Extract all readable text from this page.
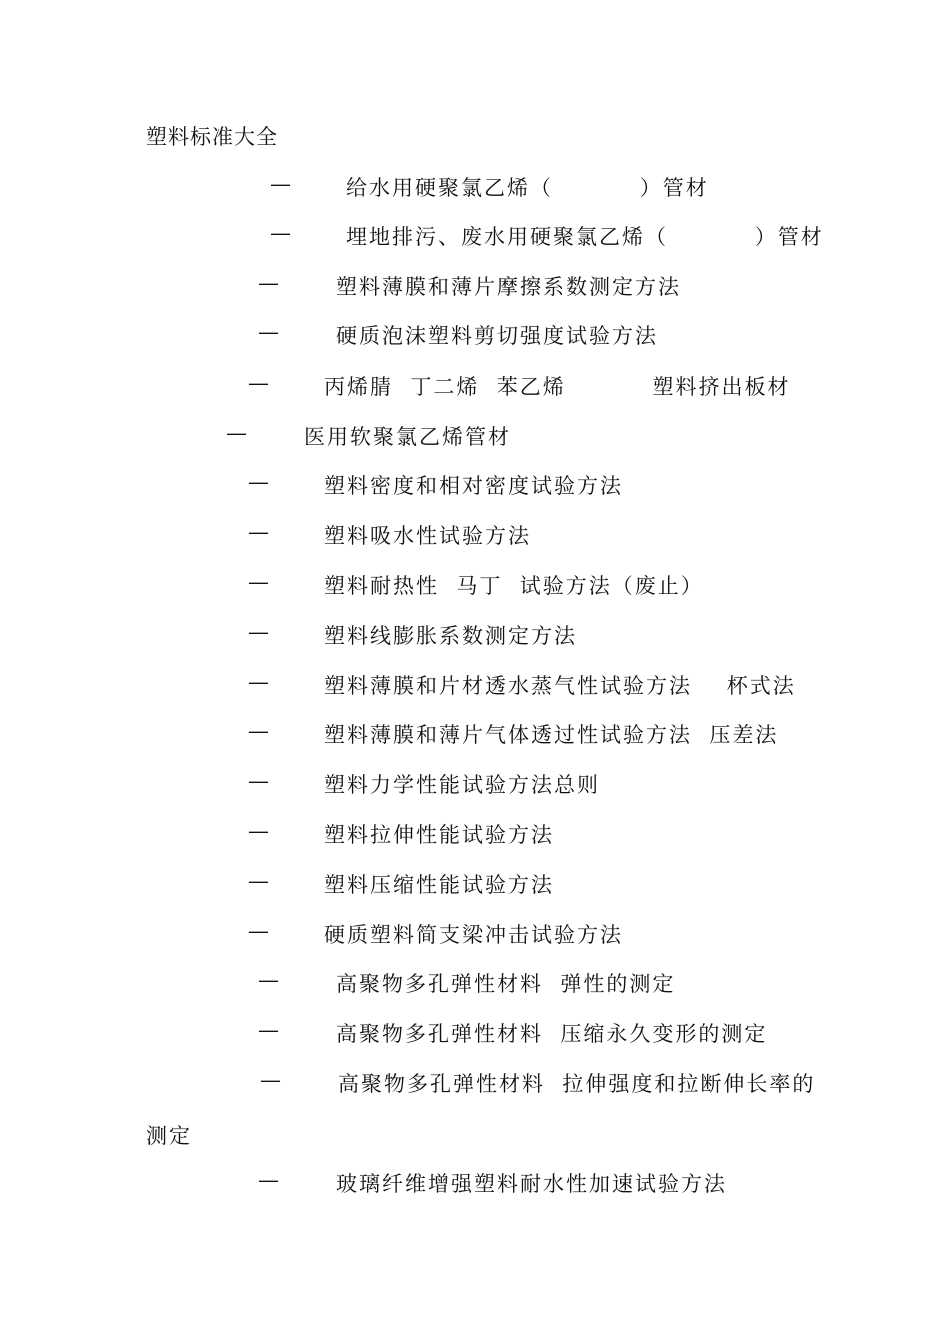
塑料标准大全
—	给水用硬聚氯乙烯（          ）管材
—	埋地排污、废水用硬聚氯乙烯（          ）管材
—	塑料薄膜和薄片摩擦系数测定方法
—	硬质泡沫塑料剪切强度试验方法
—	丙烯腈  丁二烯  苯乙烯          塑料挤出板材
—	医用软聚氯乙烯管材
—	塑料密度和相对密度试验方法
—	塑料吸水性试验方法
—	塑料耐热性  马丁  试验方法（废止）
—	塑料线膨胀系数测定方法
—	塑料薄膜和片材透水蒸气性试验方法    杯式法
—	塑料薄膜和薄片气体透过性试验方法  压差法
—	塑料力学性能试验方法总则
—	塑料拉伸性能试验方法
—	塑料压缩性能试验方法
—	硬质塑料简支梁冲击试验方法
—	高聚物多孔弹性材料  弹性的测定
—	高聚物多孔弹性材料  压缩永久变形的测定
—	高聚物多孔弹性材料  拉伸强度和拉断伸长率的
测定
—	玻璃纤维增强塑料耐水性加速试验方法
